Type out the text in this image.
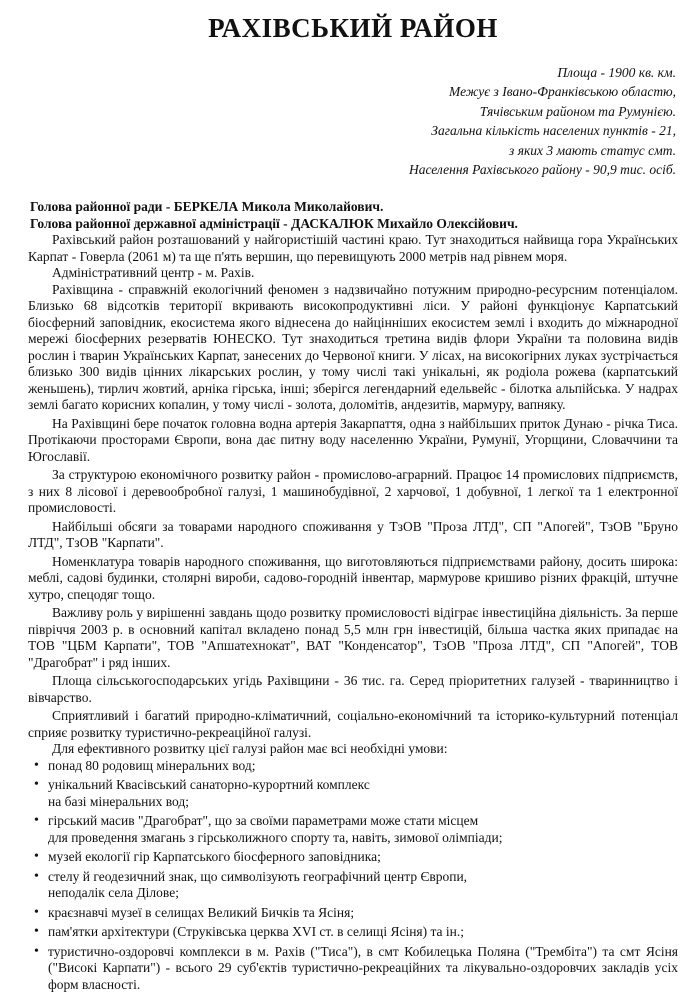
РАХІВСЬКИЙ РАЙОН
Площа - 1900 кв. км.
Межує з Івано-Франківською областю,
Тячівським районом та Румунією.
Загальна кількість населених пунктів - 21,
з яких 3 мають статус смт.
Населення Рахівського району - 90,9 тис. осіб.
Голова районної ради - БЕРКЕЛА Микола Миколайович.
Голова районної державної адміністрації - ДАСКАЛЮК Михайло Олексійович.

Рахівський район розташований у найгористішій частині краю. Тут знаходиться найвища гора Українських Карпат - Говерла (2061 м) та ще п'ять вершин, що перевищують 2000 метрів над рівнем моря.

Адміністративний центр - м. Рахів.

Рахівщина - справжній екологічний феномен з надзвичайно потужним природно-ресурсним потенціалом. Близько 68 відсотків території вкривають високопродуктивні ліси. У районі функціонує Карпатський біосферний заповідник, екосистема якого віднесена до найцінніших екосистем землі і входить до міжнародної мережі біосферних резерватів ЮНЕСКО. Тут знаходиться третина видів флори України та половина видів рослин і тварин Українських Карпат, занесених до Червоної книги. У лісах, на високогірних луках зустрічається близько 300 видів цінних лікарських рослин, у тому числі такі унікальні, як родіола рожева (карпатський женьшень), тирлич жовтий, арніка гірська, інші; зберігся легендарний едельвейс - білотка альпійська. У надрах землі багато корисних копалин, у тому числі - золота, доломітів, андезитів, мармуру, вапняку.

На Рахівщині бере початок головна водна артерія Закарпаття, одна з найбільших приток Дунаю - річка Тиса. Протікаючи просторами Європи, вона дає питну воду населенню України, Румунії, Угорщини, Словаччини та Югославії.

За структурою економічного розвитку район - промислово-аграрний. Працює 14 промислових підприємств, з них 8 лісової і деревообробної галузі, 1 машинобудівної, 2 харчової, 1 добувної, 1 легкої та 1 електронної промисловості.

Найбільші обсяги за товарами народного споживання у ТзОВ "Проза ЛТД", СП "Апогей", ТзОВ "Бруно ЛТД", ТзОВ "Карпати".

Номенклатура товарів народного споживання, що виготовляються підприємствами району, досить широка: меблі, садові будинки, столярні вироби, садово-городній інвентар, мармурове кришиво різних фракцій, штучне хутро, спецодяг тощо.

Важливу роль у вирішенні завдань щодо розвитку промисловості відіграє інвестиційна діяльність. За перше півріччя 2003 р. в основний капітал вкладено понад 5,5 млн грн інвестицій, більша частка яких припадає на ТОВ "ЦБМ Карпати", ТОВ "Апшатехнокат", ВАТ "Конденсатор", ТзОВ "Проза ЛТД", СП "Апогей", ТОВ "Драгобрат" і ряд інших.

Площа сільськогосподарських угідь Рахівщини - 36 тис. га. Серед пріоритетних галузей - тваринництво і вівчарство.

Сприятливий і багатий природно-кліматичний, соціально-економічний та історико-культурний потенціал сприяє розвитку туристично-рекреаційної галузі.

Для ефективного розвитку цієї галузі район має всі необхідні умови:

• понад 80 родовищ мінеральних вод;
• унікальний Квасівський санаторно-курортний комплекс
на базі мінеральних вод;
• гірський масив "Драгобрат", що за своїми параметрами може стати місцем
для проведення змагань з гірськолижного спорту та, навіть, зимової олімпіади;
• музей екології гір Карпатського біосферного заповідника;
• стелу й геодезичний знак, що символізують географічний центр Європи,
неподалік села Ділове;
• краєзнавчі музеї в селищах Великий Бичків та Ясіня;
• пам'ятки архітектури (Струківська церква XVI ст. в селищі Ясіня) та ін.;
• туристично-оздоровчі комплекси в м. Рахів ("Тиса"), в смт Кобилецька Поляна ("Трембіта") та смт Ясіня ("Високі Карпати") - всього 29 суб'єктів туристично-рекреаційних та лікувально-оздоровчих закладів усіх форм власності.
